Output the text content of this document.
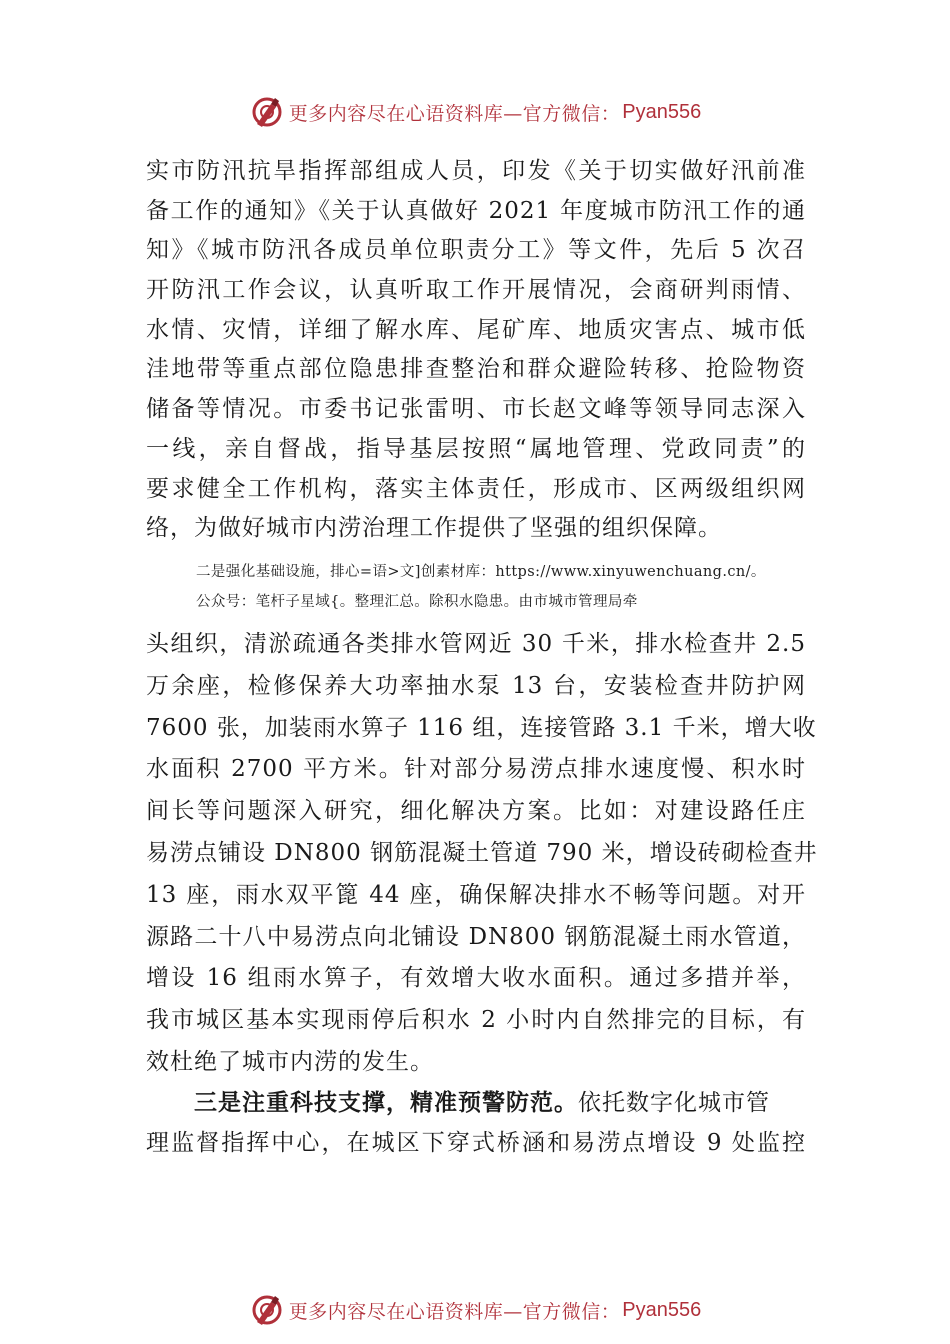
更多内容尽在心语资料库—官方微信： Pyan556
实市防汛抗旱指挥部组成人员，印发《关于切实做好汛前准
备工作的通知》《关于认真做好 2021 年度城市防汛工作的通
知》《城市防汛各成员单位职责分工》等文件，先后 5 次召
开防汛工作会议，认真听取工作开展情况，会商研判雨情、
水情、灾情，详细了解水库、尾矿库、地质灾害点、城市低
洼地带等重点部位隐患排查整治和群众避险转移、抢险物资
储备等情况。市委书记张雷明、市长赵文峰等领导同志深入
一线，亲自督战，指导基层按照“属地管理、党政同责”的
要求健全工作机构，落实主体责任，形成市、区两级组织网
络，为做好城市内涝治理工作提供了坚强的组织保障。
二是强化基础设施，排心=语>文]创素材库：https://www.xinyuwenchuang.cn/。
公众号：笔杆子星域{。整理汇总。除积水隐患。由市城市管理局牵
头组织，清淤疏通各类排水管网近 30 千米，排水检查井 2.5
万余座，检修保养大功率抽水泵 13 台，安装检查井防护网
7600 张，加装雨水箅子 116 组，连接管路 3.1 千米，增大收
水面积 2700 平方米。针对部分易涝点排水速度慢、积水时
间长等问题深入研究，细化解决方案。比如：对建设路任庄
易涝点铺设 DN800 钢筋混凝土管道 790 米，增设砖砌检查井
13 座，雨水双平篦 44 座，确保解决排水不畅等问题。对开
源路二十八中易涝点向北铺设 DN800 钢筋混凝土雨水管道，
增设 16 组雨水箅子，有效增大收水面积。通过多措并举，
我市城区基本实现雨停后积水 2 小时内自然排完的目标，有
效杜绝了城市内涝的发生。
三是注重科技支撑，精准预警防范。依托数字化城市管
理监督指挥中心，在城区下穿式桥涵和易涝点增设 9 处监控
更多内容尽在心语资料库—官方微信： Pyan556
